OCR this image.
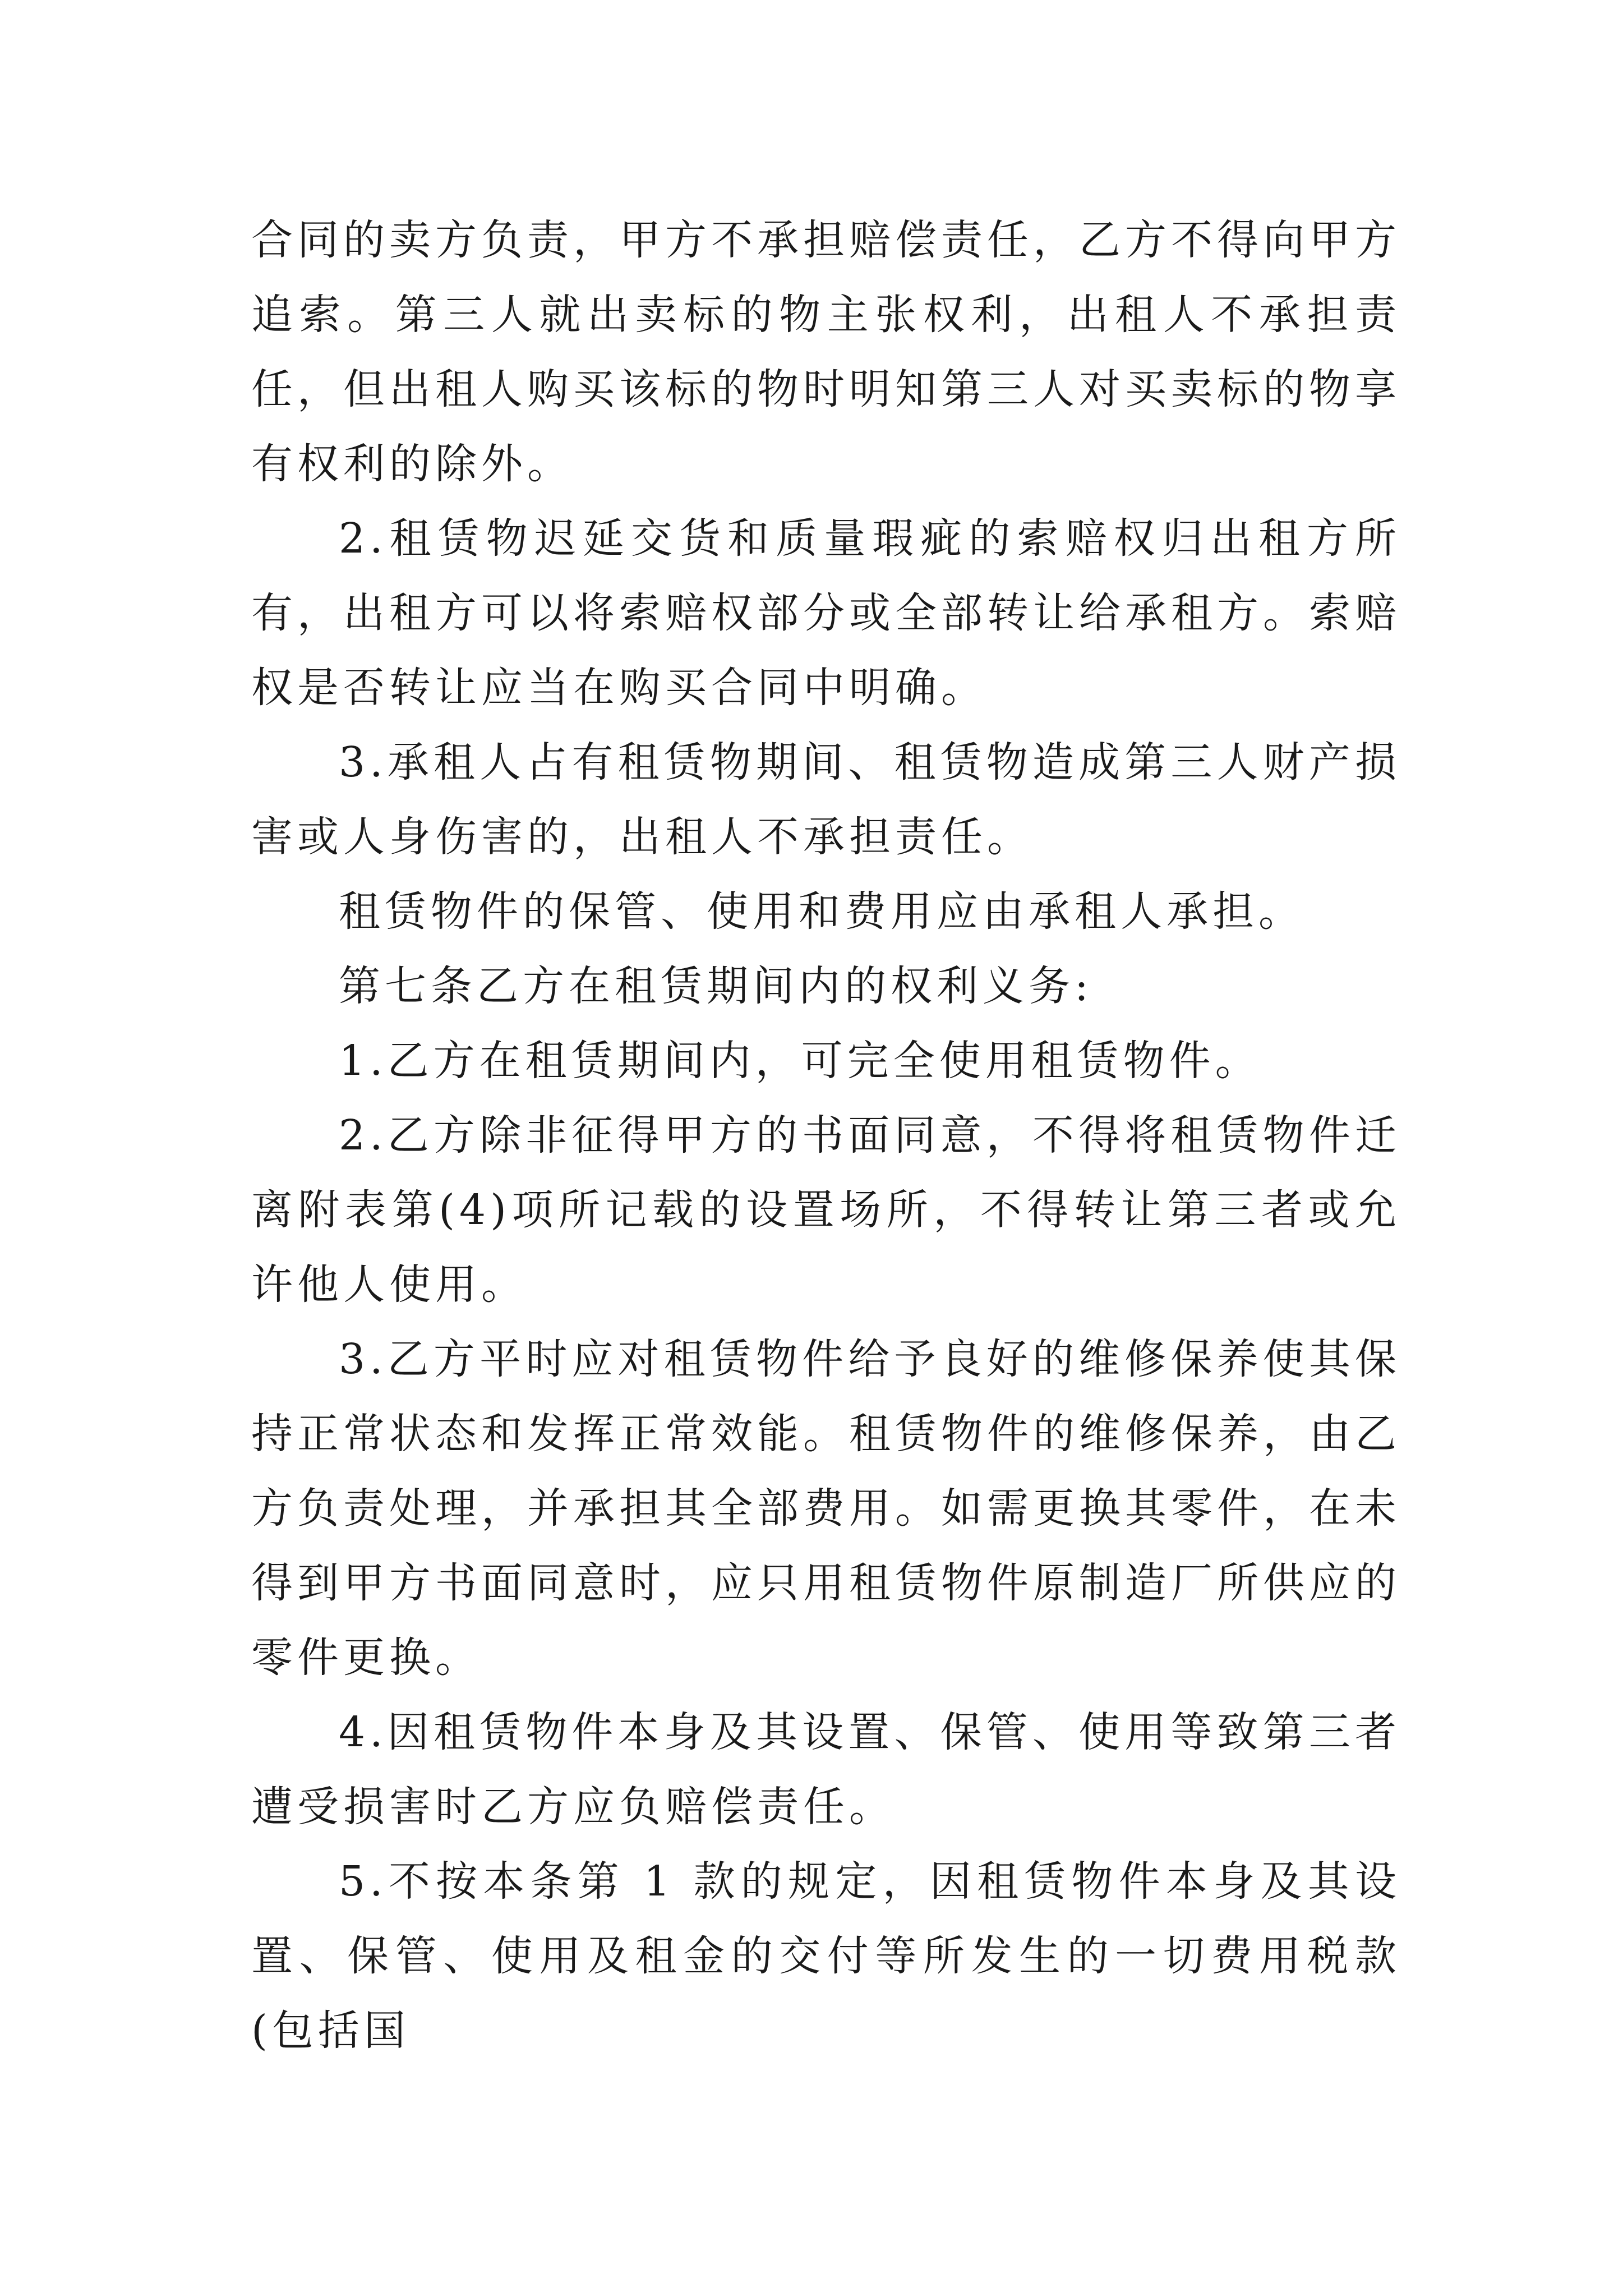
合同的卖方负责，甲方不承担赔偿责任，乙方不得向甲方追索。第三人就出卖标的物主张权利，出租人不承担责任，但出租人购买该标的物时明知第三人对买卖标的物享有权利的除外。

2.租赁物迟延交货和质量瑕疵的索赔权归出租方所有，出租方可以将索赔权部分或全部转让给承租方。索赔权是否转让应当在购买合同中明确。

3.承租人占有租赁物期间、租赁物造成第三人财产损害或人身伤害的，出租人不承担责任。

租赁物件的保管、使用和费用应由承租人承担。

第七条乙方在租赁期间内的权利义务:

1.乙方在租赁期间内，可完全使用租赁物件。

2.乙方除非征得甲方的书面同意，不得将租赁物件迁离附表第(4)项所记载的设置场所，不得转让第三者或允许他人使用。

3.乙方平时应对租赁物件给予良好的维修保养使其保持正常状态和发挥正常效能。租赁物件的维修保养，由乙方负责处理，并承担其全部费用。如需更换其零件，在未得到甲方书面同意时，应只用租赁物件原制造厂所供应的零件更换。

4.因租赁物件本身及其设置、保管、使用等致第三者遭受损害时乙方应负赔偿责任。

5.不按本条第 1 款的规定，因租赁物件本身及其设置、保管、使用及租金的交付等所发生的一切费用税款(包括国
